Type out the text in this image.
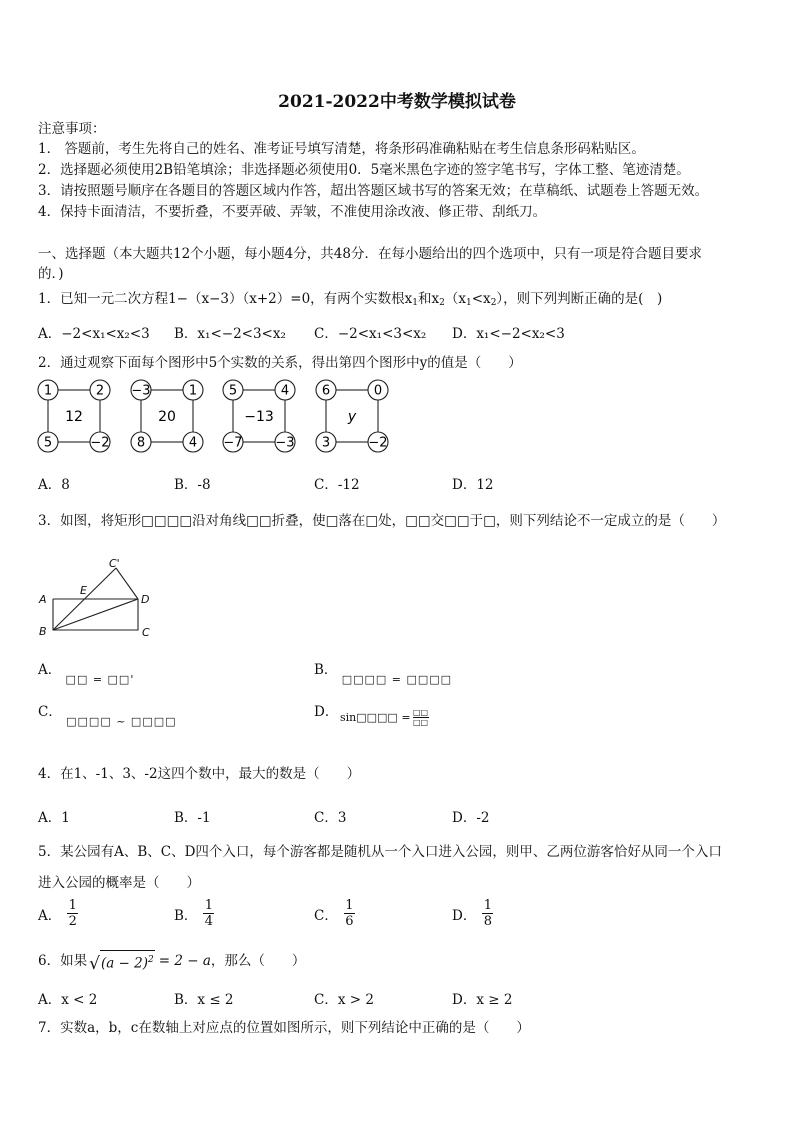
2021-2022中考数学模拟试卷
注意事项：
1． 答题前，考生先将自己的姓名、准考证号填写清楚，将条形码准确粘贴在考生信息条形码粘贴区。
2．选择题必须使用2B铅笔填涂；非选择题必须使用0．5毫米黑色字迹的签字笔书写，字体工整、笔迹清楚。
3．请按照题号顺序在各题目的答题区域内作答，超出答题区域书写的答案无效；在草稿纸、试题卷上答题无效。
4．保持卡面清洁，不要折叠，不要弄破、弄皱，不准使用涂改液、修正带、刮纸刀。
一、选择题（本大题共12个小题，每小题4分，共48分．在每小题给出的四个选项中，只有一项是符合题目要求
的．)
1．已知一元二次方程1−（x−3）（x+2）=0，有两个实数根$x_1$和$x_2(x_1<x_2)$，则下列判断正确的是(　)
A．−2<x₁<x₂<3 B．x₁<−2<3<x₂ C．−2<x₁<3<x₂ D．x₁<−2<x₂<3
2．通过观察下面每个图形中5个实数的关系，得出第四个图形中y的值是（　　）
1	2
5	−2
12
−3	1
8	4
20
5	4
−7	−3
−13
6	0
3	−2
y
A．8	B．-8	C．-12	D．12
3．如图，将矩形□□□□沿对角线□□折叠，使□落在□处，□□交□□于□，则下列结论不一定成立的是（　　）
A
B	C
D
E
C'
A． $_{□□ = □□'}$
B． $_{□□□□ = □□□□}$
C． $_{□□□□ \sim □□□□}$
D． sin□□□□ = □□
□□
4．在1、-1、3、-2这四个数中，最大的数是（　　）
A．1	B．-1	C．3	D．-2
5．某公园有A、B、C、D四个入口，每个游客都是随机从一个入口进入公园，则甲、乙两位游客恰好从同一个入口
进入公园的概率是（　　）
A． $\frac{1}{2}$	B． $\frac{1}{4}$	C． $\frac{1}{6}$	D． $\frac{1}{8}$
6．如果 √ $(a - 2)^2 = 2 - a$ ，那么（　　）
A．x < 2	B．x ≤ 2	C．x > 2	D．x ≥ 2
7．实数a，b，c在数轴上对应点的位置如图所示，则下列结论中正确的是（　　）
